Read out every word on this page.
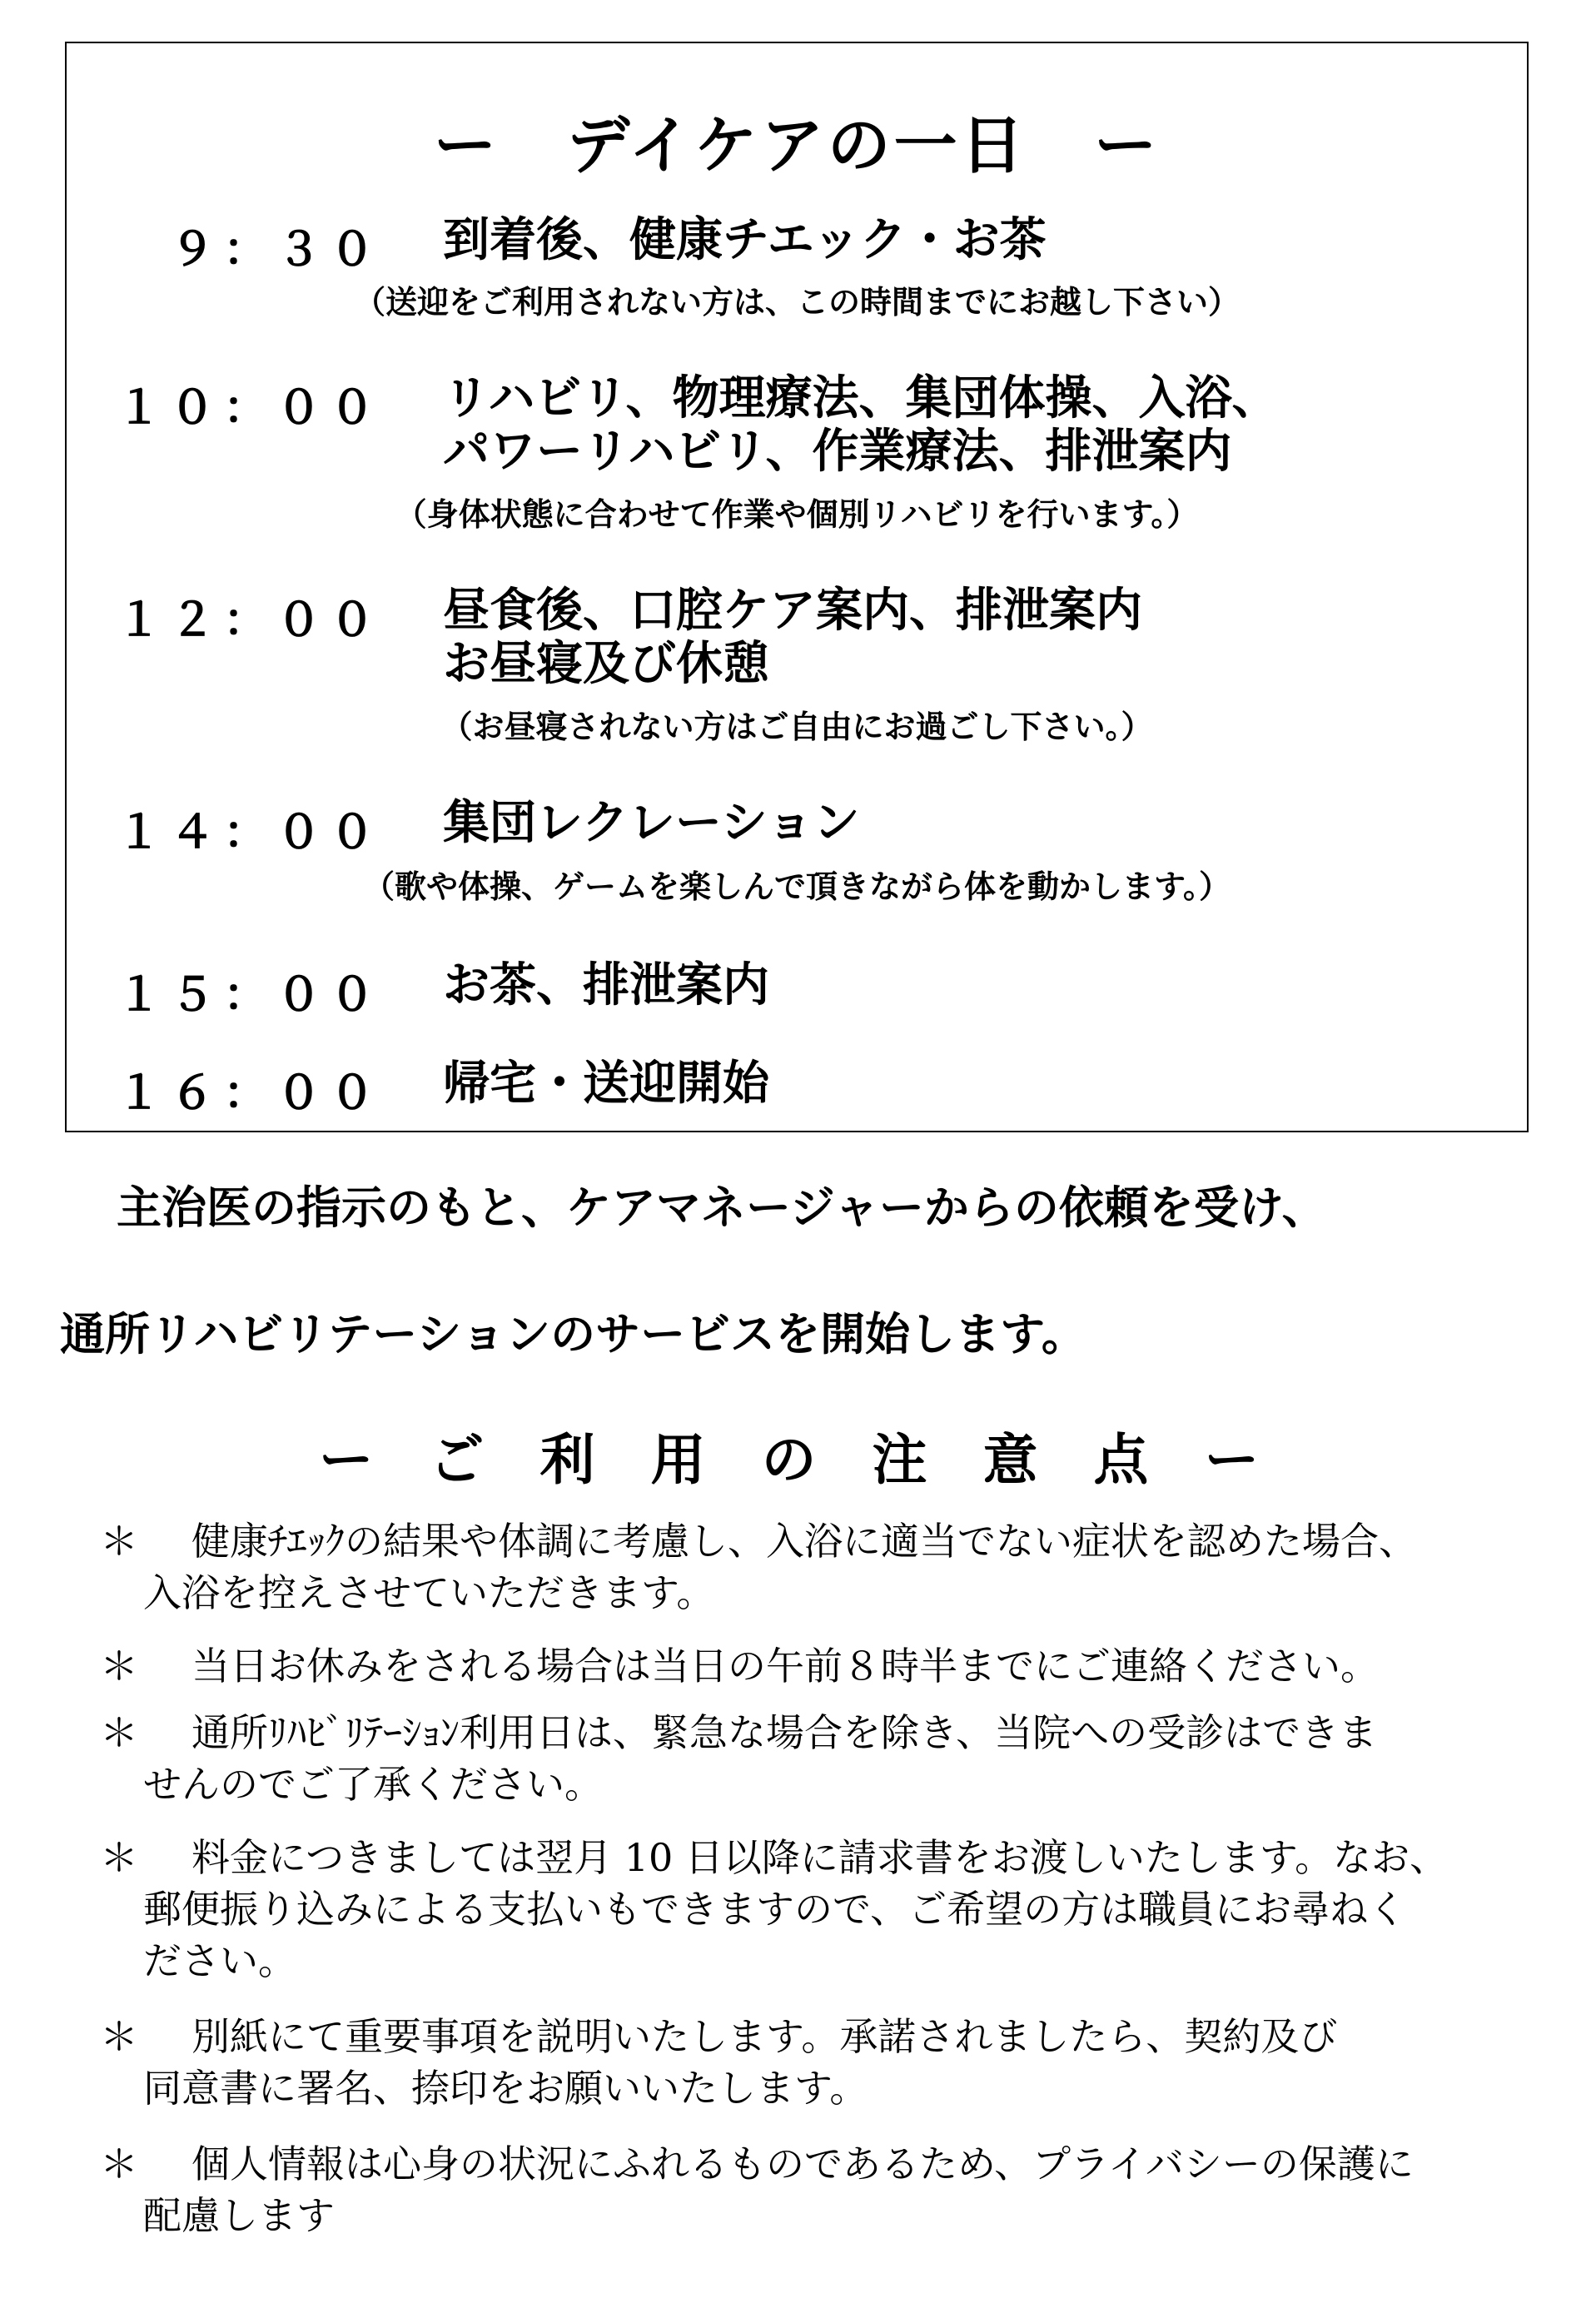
ー　デイケアの一日　ー
９：３０ 到着後、健康チエック・お茶
（送迎をご利用されない方は、この時間までにお越し下さい）
１０：００ リハビリ、物理療法、集団体操、入浴、
パワーリハビリ、作業療法、排泄案内
（身体状態に合わせて作業や個別リハビリを行います。）
１２：００ 昼食後、口腔ケア案内、排泄案内
お昼寝及び休憩
（お昼寝されない方はご自由にお過ごし下さい。）
１４：００ 集団レクレーション
（歌や体操、ゲームを楽しんで頂きながら体を動かします。）
１５：００ お茶、排泄案内
１６：００ 帰宅・送迎開始
主治医の指示のもと、ケアマネージャーからの依頼を受け、
通所リハビリテーションのサービスを開始します。
ー ご 利 用 の 注 意 点 ー
＊	健康ﾁｴｯｸの結果や体調に考慮し、入浴に適当でない症状を認めた場合、
入浴を控えさせていただきます。
＊	当日お休みをされる場合は当日の午前８時半までにご連絡ください。
＊	通所ﾘﾊﾋﾞﾘﾃｰｼｮﾝ利用日は、緊急な場合を除き、当院への受診はできま
せんのでご了承ください。
＊	料金につきましては翌月 10 日以降に請求書をお渡しいたします。なお、
郵便振り込みによる支払いもできますので、ご希望の方は職員にお尋ねく
ださい。
＊	別紙にて重要事項を説明いたします。承諾されましたら、契約及び
同意書に署名、捺印をお願いいたします。
＊	個人情報は心身の状況にふれるものであるため、プライバシーの保護に
配慮します
